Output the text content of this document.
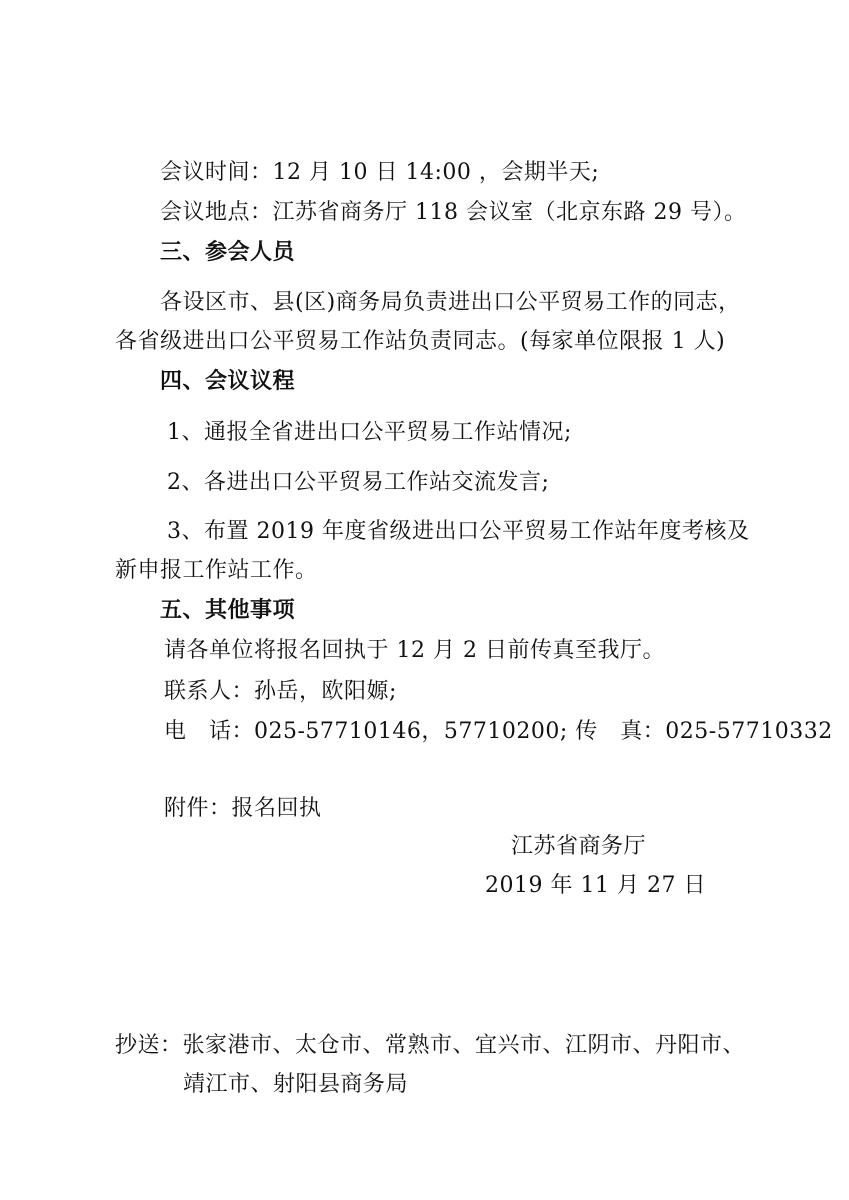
会议时间：12 月 10 日 14:00 ，会期半天;
会议地点：江苏省商务厅 118 会议室（北京东路 29 号）。
三、参会人员
各设区市、县(区)商务局负责进出口公平贸易工作的同志，
各省级进出口公平贸易工作站负责同志。(每家单位限报 1 人)
四、会议议程
1、通报全省进出口公平贸易工作站情况;
2、各进出口公平贸易工作站交流发言;
3、布置 2019 年度省级进出口公平贸易工作站年度考核及
新申报工作站工作。
五、其他事项
请各单位将报名回执于 12 月 2 日前传真至我厅。
联系人：孙岳，欧阳嫄;
电　话：025-57710146，57710200; 传　真：025-57710332
附件：报名回执
江苏省商务厅
2019 年 11 月 27 日
抄送：张家港市、太仓市、常熟市、宜兴市、江阴市、丹阳市、
靖江市、射阳县商务局
